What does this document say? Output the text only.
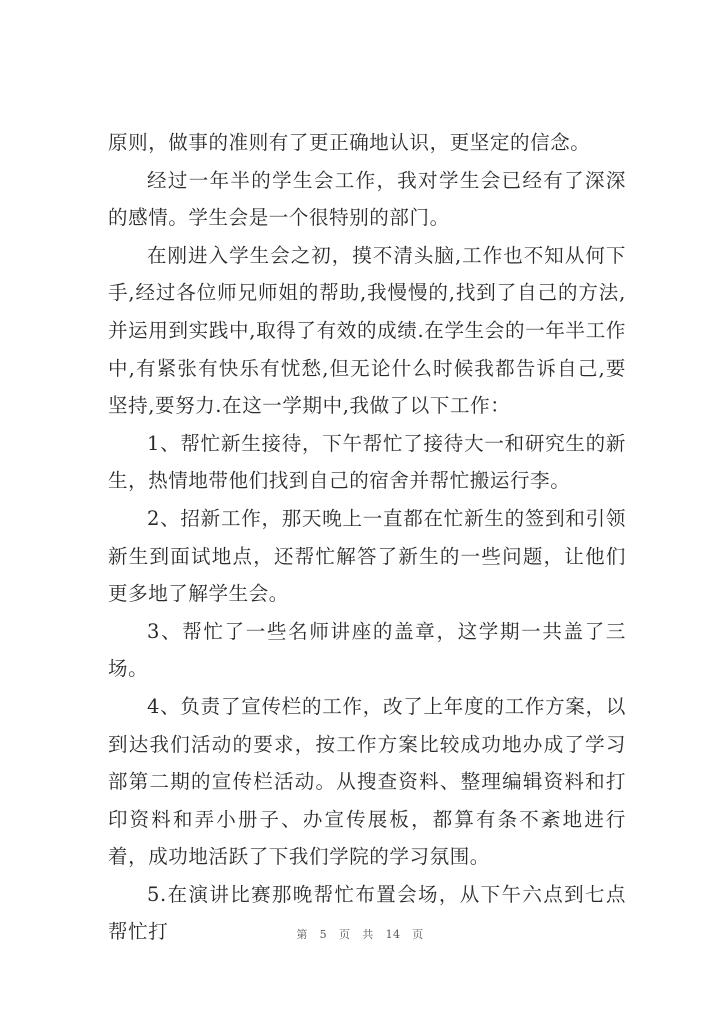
原则，做事的准则有了更正确地认识，更坚定的信念。

经过一年半的学生会工作，我对学生会已经有了深深的感情。学生会是一个很特别的部门。

在刚进入学生会之初，摸不清头脑,工作也不知从何下手,经过各位师兄师姐的帮助,我慢慢的,找到了自己的方法,并运用到实践中,取得了有效的成绩.在学生会的一年半工作中,有紧张有快乐有忧愁,但无论什么时候我都告诉自己,要坚持,要努力.在这一学期中,我做了以下工作：

1、帮忙新生接待，下午帮忙了接待大一和研究生的新生，热情地带他们找到自己的宿舍并帮忙搬运行李。

2、招新工作，那天晚上一直都在忙新生的签到和引领新生到面试地点，还帮忙解答了新生的一些问题，让他们更多地了解学生会。

3、帮忙了一些名师讲座的盖章，这学期一共盖了三场。

4、负责了宣传栏的工作，改了上年度的工作方案，以到达我们活动的要求，按工作方案比较成功地办成了学习部第二期的宣传栏活动。从搜查资料、整理编辑资料和打印资料和弄小册子、办宣传展板，都算有条不紊地进行着，成功地活跃了下我们学院的学习氛围。

5.在演讲比赛那晚帮忙布置会场，从下午六点到七点帮忙打	第 5 页 共 14 页
